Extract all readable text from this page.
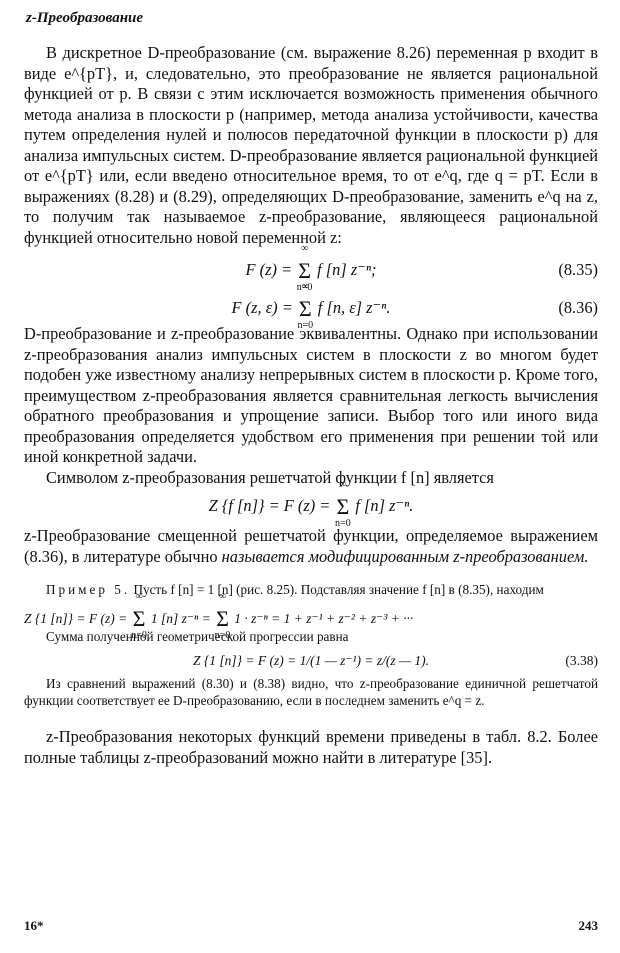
z-Преобразование

В дискретное D-преобразование (см. выражение 8.26) переменная p входит в виде e^{pT}, и, следовательно, это преобразование не является рациональной функцией от p. В связи с этим исключается возможность применения обычного метода анализа в плоскости p (например, метода анализа устойчивости, качества путем определения нулей и полюсов передаточной функции в плоскости p) для анализа импульсных систем. D-преобразование является рациональной функцией от e^{pT} или, если введено относительное время, то от e^q, где q = pT. Если в выражениях (8.28) и (8.29), определяющих D-преобразование, заменить e^q на z, то получим так называемое z-преобразование, являющееся рациональной функцией относительно новой переменной z:

F (z) = ∞ Σ n=0 f [n] z⁻ⁿ;	(8.35)
F (z, ε) = ∞ Σ n=0 f [n, ε] z⁻ⁿ.	(8.36)

D-преобразование и z-преобразование эквивалентны. Однако при использовании z-преобразования анализ импульсных систем в плоскости z во многом будет подобен уже известному анализу непрерывных систем в плоскости p. Кроме того, преимуществом z-преобразования является сравнительная легкость вычисления обратного преобразования и упрощение записи. Выбор того или иного вида преобразования определяется удобством его применения при решении той или иной конкретной задачи.

Символом z-преобразования решетчатой функции f [n] является

Z {f [n]} = F (z) = ∞ Σ n=0 f [n] z⁻ⁿ.

z-Преобразование смещенной решетчатой функции, определяемое выражением (8.36), в литературе обычно называется модифицированным z-преобразованием.

Пример 5. Пусть f [n] = 1 [n] (рис. 8.25). Подставляя значение f [n] в (8.35), находим

Z {1 [n]} = F (z) = ∞ Σ n=0 1 [n] z⁻ⁿ = ∞ Σ n=0 1 · z⁻ⁿ = 1 + z⁻¹ + z⁻² + z⁻³ + ···

Сумма полученной геометрической прогрессии равна

Z {1 [n]} = F (z) = 1/(1 — z⁻¹) = z/(z — 1).	(3.38)

Из сравнений выражений (8.30) и (8.38) видно, что z-преобразование единичной решетчатой функции соответствует ее D-преобразованию, если в последнем заменить e^q = z.

z-Преобразования некоторых функций времени приведены в табл. 8.2. Более полные таблицы z-преобразований можно найти в литературе [35].

16*	243
